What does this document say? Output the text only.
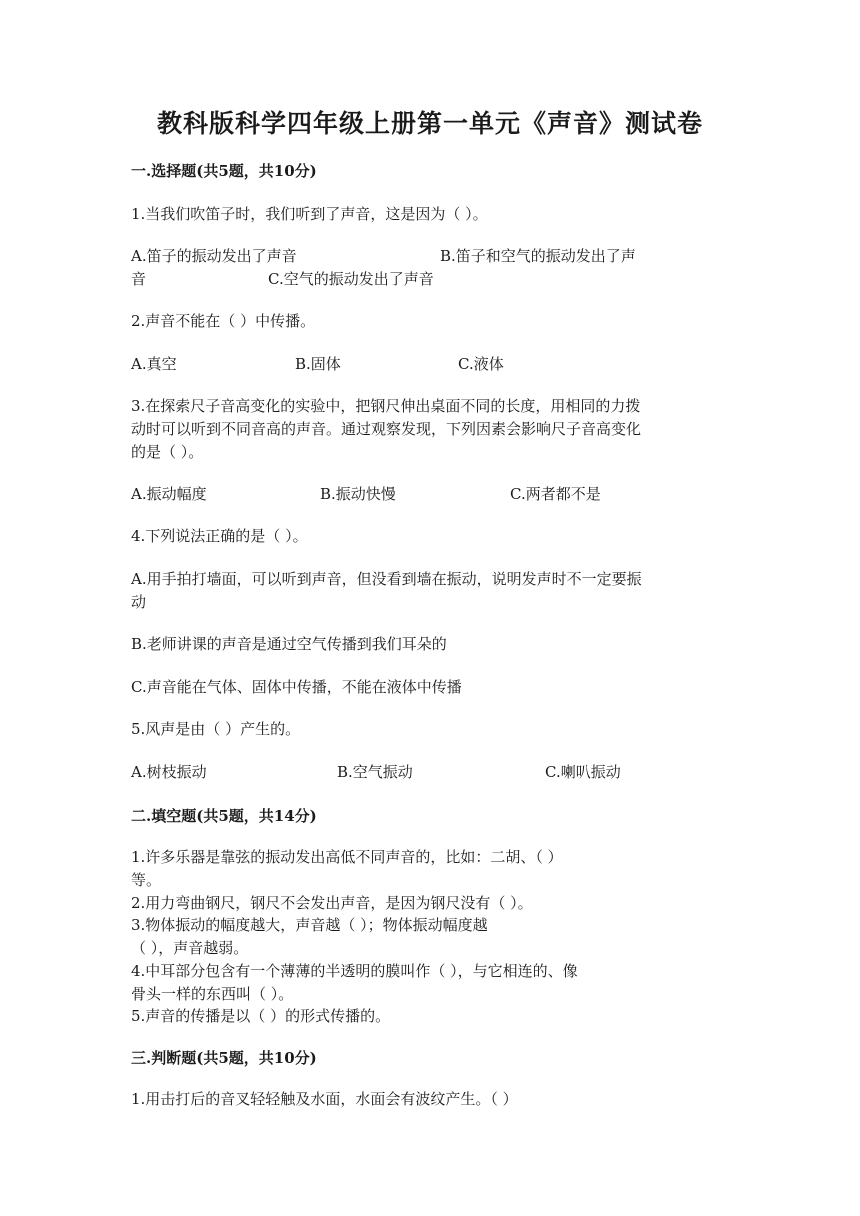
教科版科学四年级上册第一单元《声音》测试卷
一.选择题(共5题，共10分)
1.当我们吹笛子时，我们听到了声音，这是因为（ ）。
A.笛子的振动发出了声音	B.笛子和空气的振动发出了声
音	C.空气的振动发出了声音
2.声音不能在（ ）中传播。
A.真空	B.固体	C.液体
3.在探索尺子音高变化的实验中，把钢尺伸出桌面不同的长度，用相同的力拨
动时可以听到不同音高的声音。通过观察发现，下列因素会影响尺子音高变化
的是（ ）。
A.振动幅度	B.振动快慢	C.两者都不是
4.下列说法正确的是（ ）。
A.用手拍打墙面，可以听到声音，但没看到墙在振动，说明发声时不一定要振
动
B.老师讲课的声音是通过空气传播到我们耳朵的
C.声音能在气体、固体中传播，不能在液体中传播
5.风声是由（ ）产生的。
A.树枝振动	B.空气振动	C.喇叭振动
二.填空题(共5题，共14分)
1.许多乐器是靠弦的振动发出高低不同声音的，比如：二胡、（ ）
等。
2.用力弯曲钢尺，钢尺不会发出声音，是因为钢尺没有（ ）。
3.物体振动的幅度越大，声音越（ ）；物体振动幅度越
（ ），声音越弱。
4.中耳部分包含有一个薄薄的半透明的膜叫作（ ），与它相连的、像
骨头一样的东西叫（ ）。
5.声音的传播是以（ ）的形式传播的。
三.判断题(共5题，共10分)
1.用击打后的音叉轻轻触及水面，水面会有波纹产生。（ ）
